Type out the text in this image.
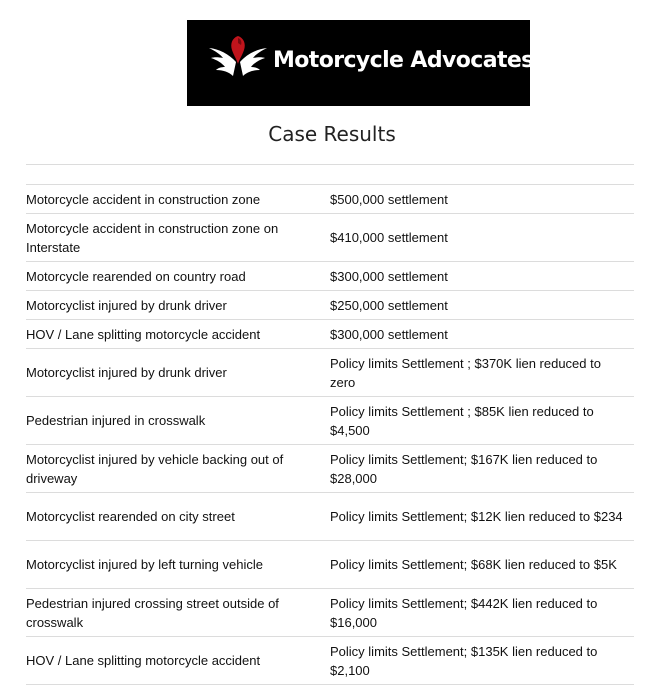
Motorcycle Advocates
Case Results

Motorcycle accident in construction zone	$500,000 settlement
Motorcycle accident in construction zone on Interstate	$410,000 settlement
Motorcycle rearended on country road	$300,000 settlement
Motorcyclist injured by drunk driver	$250,000 settlement
HOV / Lane splitting motorcycle accident	$300,000 settlement
Motorcyclist injured by drunk driver	Policy limits Settlement ; $370K lien reduced to zero
Pedestrian injured in crosswalk	Policy limits Settlement ; $85K lien reduced to $4,500
Motorcyclist injured by vehicle backing out of driveway	Policy limits Settlement; $167K lien reduced to $28,000
Motorcyclist rearended on city street	Policy limits Settlement; $12K lien reduced to $234
Motorcyclist injured by left turning vehicle	Policy limits Settlement; $68K lien reduced to $5K
Pedestrian injured crossing street outside of crosswalk	Policy limits Settlement; $442K lien reduced to $16,000
HOV / Lane splitting motorcycle accident	Policy limits Settlement; $135K lien reduced to $2,100
